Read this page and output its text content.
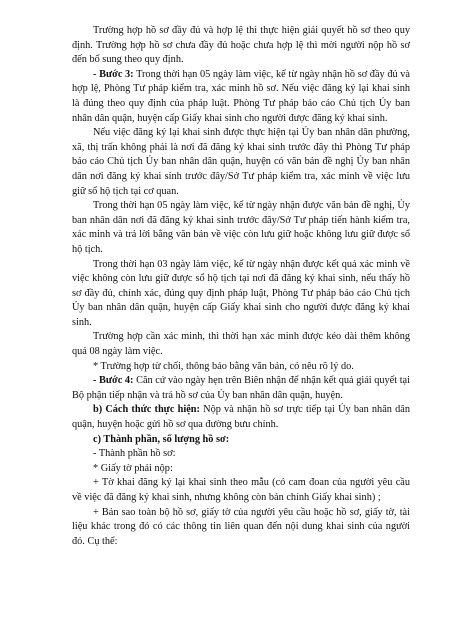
Trường hợp hồ sơ đầy đủ và hợp lệ thì thực hiện giải quyết hồ sơ theo quy định. Trường hợp hồ sơ chưa đầy đủ hoặc chưa hợp lệ thì mời người nộp hồ sơ đến bổ sung theo quy định.

- Bước 3: Trong thời hạn 05 ngày làm việc, kể từ ngày nhận hồ sơ đầy đủ và hợp lệ, Phòng Tư pháp kiểm tra, xác minh hồ sơ. Nếu việc đăng ký lại khai sinh là đúng theo quy định của pháp luật. Phòng Tư pháp báo cáo Chủ tịch Ủy ban nhân dân quận, huyện cấp Giấy khai sinh cho người được đăng ký khai sinh.

Nếu việc đăng ký lại khai sinh được thực hiện tại Ủy ban nhân dân phường, xã, thị trấn không phải là nơi đã đăng ký khai sinh trước đây thì Phòng Tư pháp báo cáo Chủ tịch Ủy ban nhân dân quận, huyện có văn bản đề nghị Ủy ban nhân dân nơi đăng ký khai sinh trước đây/Sở Tư pháp kiểm tra, xác minh về việc lưu giữ sổ hộ tịch tại cơ quan.

Trong thời hạn 05 ngày làm việc, kể từ ngày nhận được văn bản đề nghị, Ủy ban nhân dân nơi đã đăng ký khai sinh trước đây/Sở Tư pháp tiến hành kiểm tra, xác minh và trả lời bằng văn bản về việc còn lưu giữ hoặc không lưu giữ được sổ hộ tịch.

Trong thời hạn 03 ngày làm việc, kể từ ngày nhận được kết quả xác minh về việc không còn lưu giữ được sổ hộ tịch tại nơi đã đăng ký khai sinh, nếu thấy hồ sơ đầy đủ, chính xác, đúng quy định pháp luật, Phòng Tư pháp báo cáo Chủ tịch Ủy ban nhân dân quận, huyện cấp Giấy khai sinh cho người được đăng ký khai sinh.

Trường hợp cần xác minh, thì thời hạn xác minh được kéo dài thêm không quá 08 ngày làm việc.

* Trường hợp từ chối, thông báo bằng văn bản, có nêu rõ lý do.

- Bước 4: Căn cứ vào ngày hẹn trên Biên nhận để nhận kết quả giải quyết tại Bộ phận tiếp nhận và trả hồ sơ của Ủy ban nhân dân quận, huyện.

b) Cách thức thực hiện: Nộp và nhận hồ sơ trực tiếp tại Ủy ban nhân dân quận, huyện hoặc gửi hồ sơ qua đường bưu chính.

c) Thành phần, số lượng hồ sơ:

- Thành phần hồ sơ:

* Giấy tờ phải nộp:

+ Tờ khai đăng ký lại khai sinh theo mẫu (có cam đoan của người yêu cầu về việc đã đăng ký khai sinh, nhưng không còn bản chính Giấy khai sinh) ;

+ Bản sao toàn bộ hồ sơ, giấy tờ của người yêu cầu hoặc hồ sơ, giấy tờ, tài liệu khác trong đó có các thông tin liên quan đến nội dung khai sinh của người đó. Cụ thể:
